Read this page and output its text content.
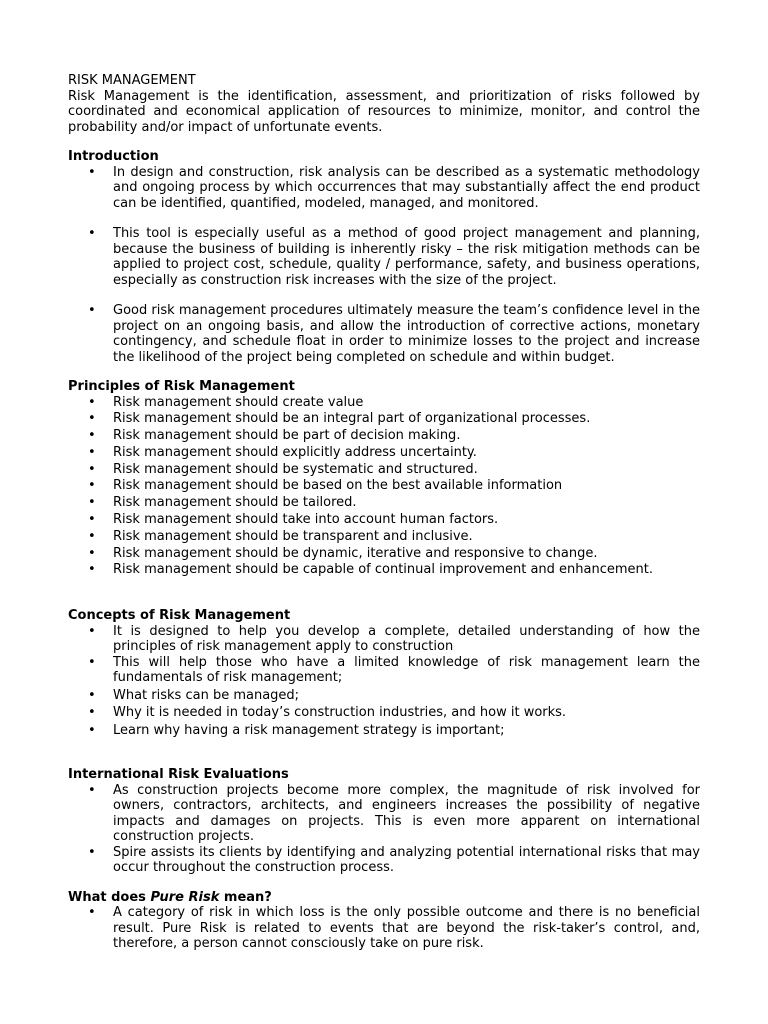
RISK MANAGEMENT

Risk Management is the identification, assessment, and prioritization of risks followed by coordinated and economical application of resources to minimize, monitor, and control the probability and/or impact of unfortunate events.

Introduction
• In design and construction, risk analysis can be described as a systematic methodology and ongoing process by which occurrences that may substantially affect the end product can be identified, quantified, modeled, managed, and monitored.
• This tool is especially useful as a method of good project management and planning, because the business of building is inherently risky – the risk mitigation methods can be applied to project cost, schedule, quality / performance, safety, and business operations, especially as construction risk increases with the size of the project.
• Good risk management procedures ultimately measure the team’s confidence level in the project on an ongoing basis, and allow the introduction of corrective actions, monetary contingency, and schedule float in order to minimize losses to the project and increase the likelihood of the project being completed on schedule and within budget.
Principles of Risk Management
• Risk management should create value
• Risk management should be an integral part of organizational processes.
• Risk management should be part of decision making.
• Risk management should explicitly address uncertainty.
• Risk management should be systematic and structured.
• Risk management should be based on the best available information
• Risk management should be tailored.
• Risk management should take into account human factors.
• Risk management should be transparent and inclusive.
• Risk management should be dynamic, iterative and responsive to change.
• Risk management should be capable of continual improvement and enhancement.
Concepts of Risk Management
• It is designed to help you develop a complete, detailed understanding of how the principles of risk management apply to construction
• This will help those who have a limited knowledge of risk management learn the fundamentals of risk management;
• What risks can be managed;
• Why it is needed in today’s construction industries, and how it works.
• Learn why having a risk management strategy is important;
International Risk Evaluations
• As construction projects become more complex, the magnitude of risk involved for owners, contractors, architects, and engineers increases the possibility of negative impacts and damages on projects. This is even more apparent on international construction projects.
• Spire assists its clients by identifying and analyzing potential international risks that may occur throughout the construction process.
What does Pure Risk mean?
• A category of risk in which loss is the only possible outcome and there is no beneficial result. Pure Risk is related to events that are beyond the risk-taker’s control, and, therefore, a person cannot consciously take on pure risk.
